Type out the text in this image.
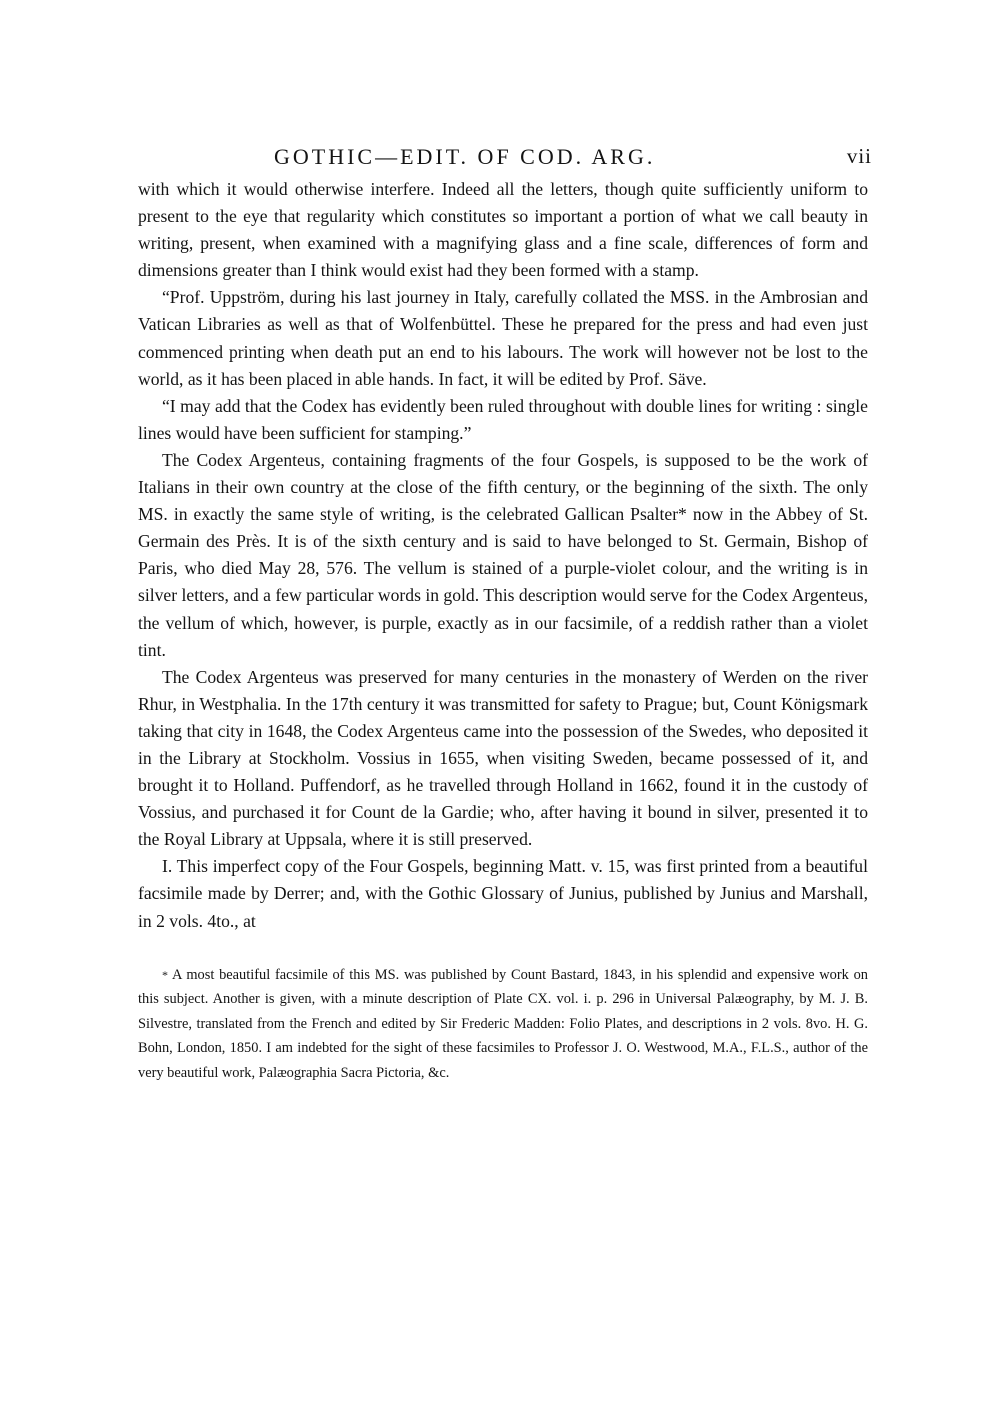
GOTHIC—EDIT. OF COD. ARG.	vii

with which it would otherwise interfere. Indeed all the letters, though quite sufficiently uniform to present to the eye that regularity which constitutes so important a portion of what we call beauty in writing, present, when examined with a magnifying glass and a fine scale, differences of form and dimensions greater than I think would exist had they been formed with a stamp.

“Prof. Uppström, during his last journey in Italy, carefully collated the MSS. in the Ambrosian and Vatican Libraries as well as that of Wolfenbüttel. These he prepared for the press and had even just commenced printing when death put an end to his labours. The work will however not be lost to the world, as it has been placed in able hands. In fact, it will be edited by Prof. Säve.

“I may add that the Codex has evidently been ruled throughout with double lines for writing : single lines would have been sufficient for stamping.”

The Codex Argenteus, containing fragments of the four Gospels, is supposed to be the work of Italians in their own country at the close of the fifth century, or the beginning of the sixth. The only MS. in exactly the same style of writing, is the celebrated Gallican Psalter* now in the Abbey of St. Germain des Près. It is of the sixth century and is said to have belonged to St. Germain, Bishop of Paris, who died May 28, 576. The vellum is stained of a purple-violet colour, and the writing is in silver letters, and a few particular words in gold. This description would serve for the Codex Argenteus, the vellum of which, however, is purple, exactly as in our facsimile, of a reddish rather than a violet tint.

The Codex Argenteus was preserved for many centuries in the monastery of Werden on the river Rhur, in Westphalia. In the 17th century it was transmitted for safety to Prague; but, Count Königsmark taking that city in 1648, the Codex Argenteus came into the possession of the Swedes, who deposited it in the Library at Stockholm. Vossius in 1655, when visiting Sweden, became possessed of it, and brought it to Holland. Puffendorf, as he travelled through Holland in 1662, found it in the custody of Vossius, and purchased it for Count de la Gardie; who, after having it bound in silver, presented it to the Royal Library at Uppsala, where it is still preserved.

I. This imperfect copy of the Four Gospels, beginning Matt. v. 15, was first printed from a beautiful facsimile made by Derrer; and, with the Gothic Glossary of Junius, published by Junius and Marshall, in 2 vols. 4to., at

* A most beautiful facsimile of this MS. was published by Count Bastard, 1843, in his splendid and expensive work on this subject. Another is given, with a minute description of Plate CX. vol. i. p. 296 in Universal Palæography, by M. J. B. Silvestre, translated from the French and edited by Sir Frederic Madden: Folio Plates, and descriptions in 2 vols. 8vo. H. G. Bohn, London, 1850. I am indebted for the sight of these facsimiles to Professor J. O. Westwood, M.A., F.L.S., author of the very beautiful work, Palæographia Sacra Pictoria, &c.
